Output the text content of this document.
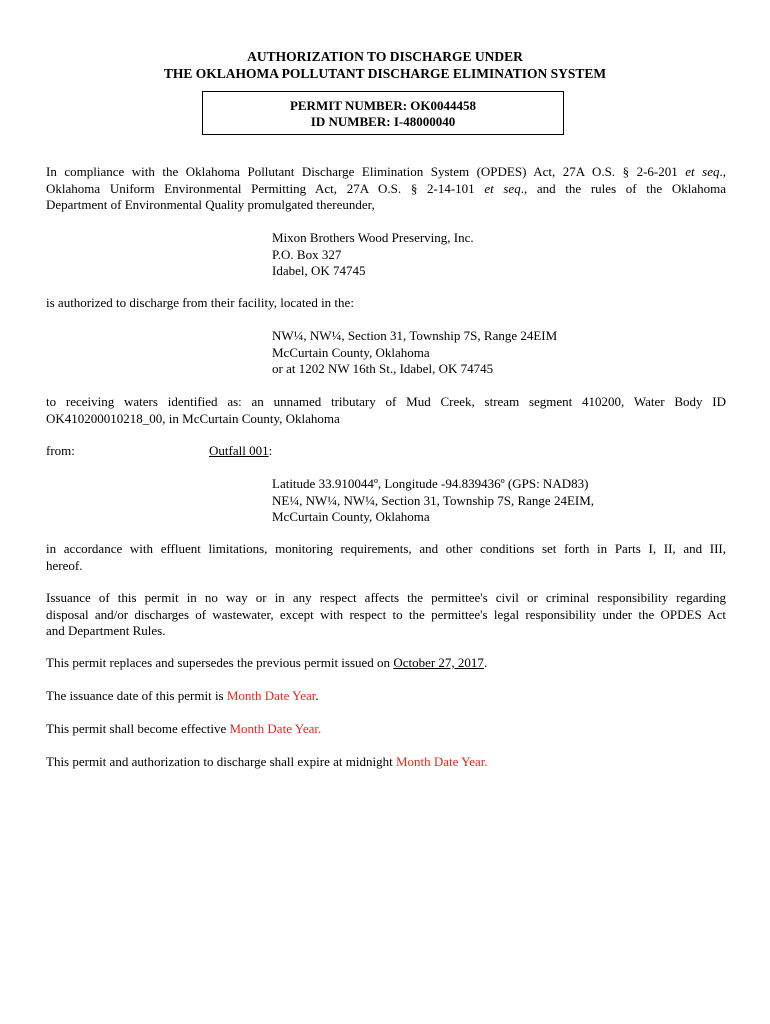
AUTHORIZATION TO DISCHARGE UNDER
THE OKLAHOMA POLLUTANT DISCHARGE ELIMINATION SYSTEM
PERMIT NUMBER: OK0044458
ID NUMBER: I-48000040
In compliance with the Oklahoma Pollutant Discharge Elimination System (OPDES) Act, 27A O.S. § 2-6-201 et seq.,
Oklahoma Uniform Environmental Permitting Act, 27A O.S. § 2-14-101 et seq., and the rules of the Oklahoma
Department of Environmental Quality promulgated thereunder,
Mixon Brothers Wood Preserving, Inc.
P.O. Box 327
Idabel, OK 74745
is authorized to discharge from their facility, located in the:
NW¼, NW¼, Section 31, Township 7S, Range 24EIM
McCurtain County, Oklahoma
or at 1202 NW 16th St., Idabel, OK 74745
to receiving waters identified as: an unnamed tributary of Mud Creek, stream segment 410200, Water Body ID
OK410200010218_00, in McCurtain County, Oklahoma
from:	Outfall 001:
Latitude 33.910044º, Longitude -94.839436º (GPS: NAD83)
NE¼, NW¼, NW¼, Section 31, Township 7S, Range 24EIM,
McCurtain County, Oklahoma
in accordance with effluent limitations, monitoring requirements, and other conditions set forth in Parts I, II, and III,
hereof.
Issuance of this permit in no way or in any respect affects the permittee's civil or criminal responsibility regarding
disposal and/or discharges of wastewater, except with respect to the permittee's legal responsibility under the OPDES Act
and Department Rules.
This permit replaces and supersedes the previous permit issued on October 27, 2017.
The issuance date of this permit is Month Date Year.
This permit shall become effective Month Date Year.
This permit and authorization to discharge shall expire at midnight Month Date Year.
